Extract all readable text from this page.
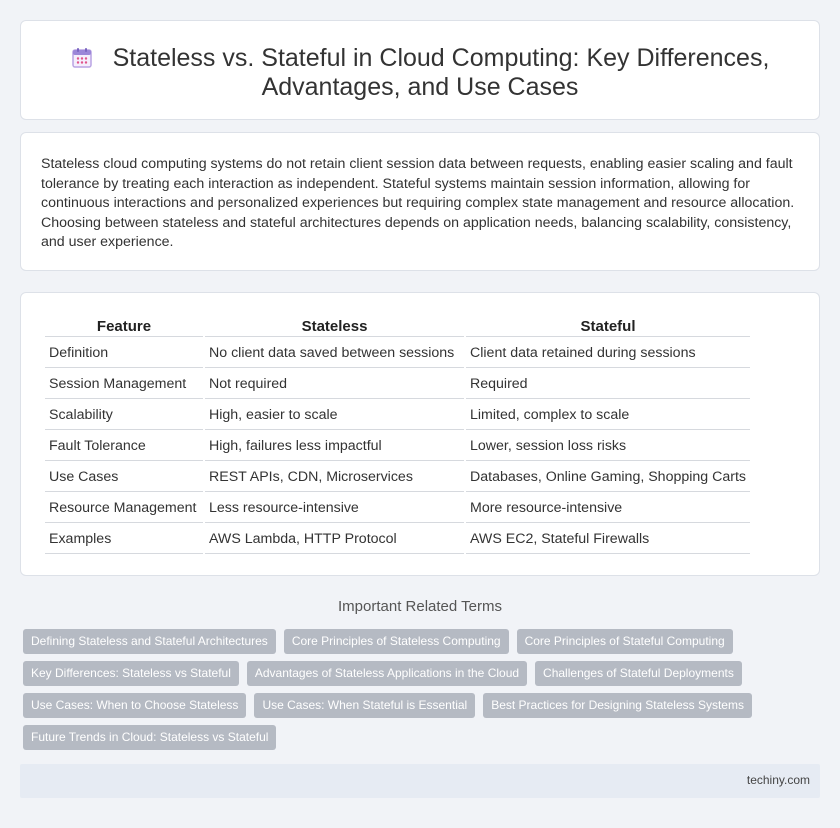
Stateless vs. Stateful in Cloud Computing: Key Differences, Advantages, and Use Cases

Stateless cloud computing systems do not retain client session data between requests, enabling easier scaling and fault tolerance by treating each interaction as independent. Stateful systems maintain session information, allowing for continuous interactions and personalized experiences but requiring complex state management and resource allocation. Choosing between stateless and stateful architectures depends on application needs, balancing scalability, consistency, and user experience.

Feature	Stateless	Stateful
Definition	No client data saved between sessions	Client data retained during sessions
Session Management	Not required	Required
Scalability	High, easier to scale	Limited, complex to scale
Fault Tolerance	High, failures less impactful	Lower, session loss risks
Use Cases	REST APIs, CDN, Microservices	Databases, Online Gaming, Shopping Carts
Resource Management	Less resource-intensive	More resource-intensive
Examples	AWS Lambda, HTTP Protocol	AWS EC2, Stateful Firewalls
Important Related Terms
Defining Stateless and Stateful Architectures	Core Principles of Stateless Computing	Core Principles of Stateful Computing
Key Differences: Stateless vs Stateful	Advantages of Stateless Applications in the Cloud	Challenges of Stateful Deployments
Use Cases: When to Choose Stateless	Use Cases: When Stateful is Essential	Best Practices for Designing Stateless Systems
Future Trends in Cloud: Stateless vs Stateful
techiny.com
